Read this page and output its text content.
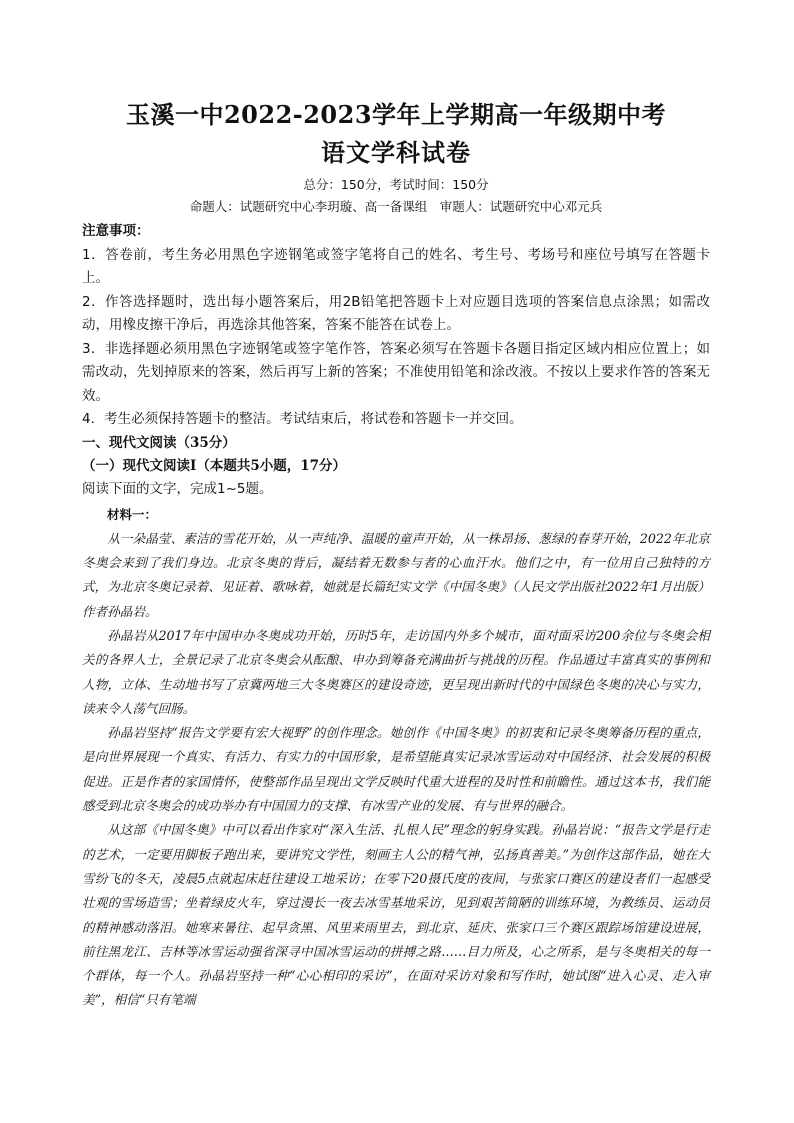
玉溪一中2022-2023学年上学期高一年级期中考
语文学科试卷

总分：150分，考试时间：150分

命题人：试题研究中心李玥璇、高一备课组　审题人：试题研究中心邓元兵

注意事项：

1．答卷前，考生务必用黑色字迹钢笔或签字笔将自己的姓名、考生号、考场号和座位号填写在答题卡上。

2．作答选择题时，选出每小题答案后，用2B铅笔把答题卡上对应题目选项的答案信息点涂黑；如需改动，用橡皮擦干净后，再选涂其他答案，答案不能答在试卷上。

3．非选择题必须用黑色字迹钢笔或签字笔作答，答案必须写在答题卡各题目指定区域内相应位置上；如需改动，先划掉原来的答案，然后再写上新的答案；不准使用铅笔和涂改液。不按以上要求作答的答案无效。

4．考生必须保持答题卡的整洁。考试结束后，将试卷和答题卡一并交回。

一、现代文阅读（35分）

（一）现代文阅读Ⅰ（本题共5小题，17分）

阅读下面的文字，完成1~5题。

材料一：

从一朵晶莹、素洁的雪花开始，从一声纯净、温暖的童声开始，从一株昂扬、葱绿的春芽开始，2022年北京冬奥会来到了我们身边。北京冬奥的背后，凝结着无数参与者的心血汗水。他们之中，有一位用自己独特的方式，为北京冬奥记录着、见证着、歌咏着，她就是长篇纪实文学《中国冬奥》（人民文学出版社2022年1月出版）作者孙晶岩。

孙晶岩从2017年中国申办冬奥成功开始，历时5年，走访国内外多个城市，面对面采访200余位与冬奥会相关的各界人士，全景记录了北京冬奥会从酝酿、申办到筹备充满曲折与挑战的历程。作品通过丰富真实的事例和人物，立体、生动地书写了京冀两地三大冬奥赛区的建设奇迹，更呈现出新时代的中国绿色冬奥的决心与实力，读来令人荡气回肠。

孙晶岩坚持“报告文学要有宏大视野”的创作理念。她创作《中国冬奥》的初衷和记录冬奥筹备历程的重点，是向世界展现一个真实、有活力、有实力的中国形象，是希望能真实记录冰雪运动对中国经济、社会发展的积极促进。正是作者的家国情怀，使整部作品呈现出文学反映时代重大进程的及时性和前瞻性。通过这本书，我们能感受到北京冬奥会的成功举办有中国国力的支撑、有冰雪产业的发展、有与世界的融合。

从这部《中国冬奥》中可以看出作家对“深入生活、扎根人民”理念的躬身实践。孙晶岩说：“报告文学是行走的艺术，一定要用脚板子跑出来，要讲究文学性，刻画主人公的精气神，弘扬真善美。”为创作这部作品，她在大雪纷飞的冬天，凌晨5点就起床赶往建设工地采访；在零下20摄氏度的夜间，与张家口赛区的建设者们一起感受壮观的雪场造雪；坐着绿皮火车，穿过漫长一夜去冰雪基地采访，见到艰苦简陋的训练环境，为教练员、运动员的精神感动落泪。她寒来暑往、起早贪黑、风里来雨里去，到北京、延庆、张家口三个赛区跟踪场馆建设进展，前往黑龙江、吉林等冰雪运动强省深寻中国冰雪运动的拼搏之路……目力所及，心之所系，是与冬奥相关的每一个群体，每一个人。孙晶岩坚持一种“心心相印的采访”，在面对采访对象和写作时，她试图“进入心灵、走入审美”，相信“只有笔端
